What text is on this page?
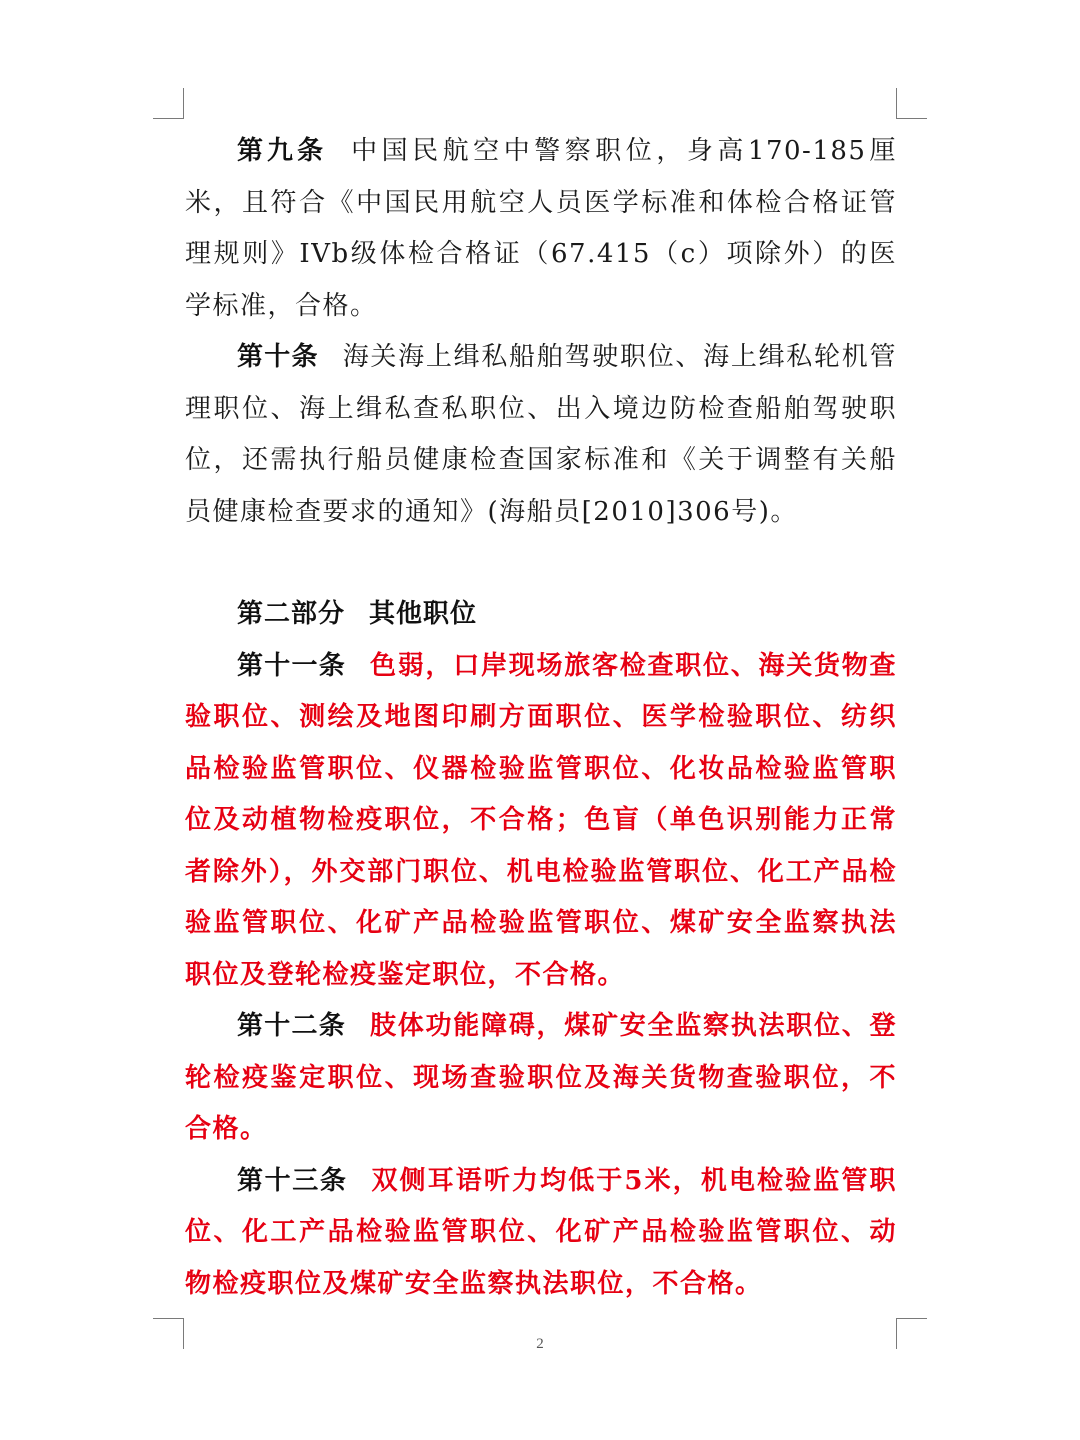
第九条 中国民航空中警察职位，身高170-185厘米，且符合《中国民用航空人员医学标准和体检合格证管理规则》IVb级体检合格证（67.415（c）项除外）的医学标准，合格。

第十条 海关海上缉私船舶驾驶职位、海上缉私轮机管理职位、海上缉私查私职位、出入境边防检查船舶驾驶职位，还需执行船员健康检查国家标准和《关于调整有关船员健康检查要求的通知》(海船员[2010]306号)。

第二部分 其他职位

第十一条 色弱，口岸现场旅客检查职位、海关货物查验职位、测绘及地图印刷方面职位、医学检验职位、纺织品检验监管职位、仪器检验监管职位、化妆品检验监管职位及动植物检疫职位，不合格；色盲（单色识别能力正常者除外），外交部门职位、机电检验监管职位、化工产品检验监管职位、化矿产品检验监管职位、煤矿安全监察执法职位及登轮检疫鉴定职位，不合格。

第十二条 肢体功能障碍，煤矿安全监察执法职位、登轮检疫鉴定职位、现场查验职位及海关货物查验职位，不合格。

第十三条 双侧耳语听力均低于5米，机电检验监管职位、化工产品检验监管职位、化矿产品检验监管职位、动物检疫职位及煤矿安全监察执法职位，不合格。

2
